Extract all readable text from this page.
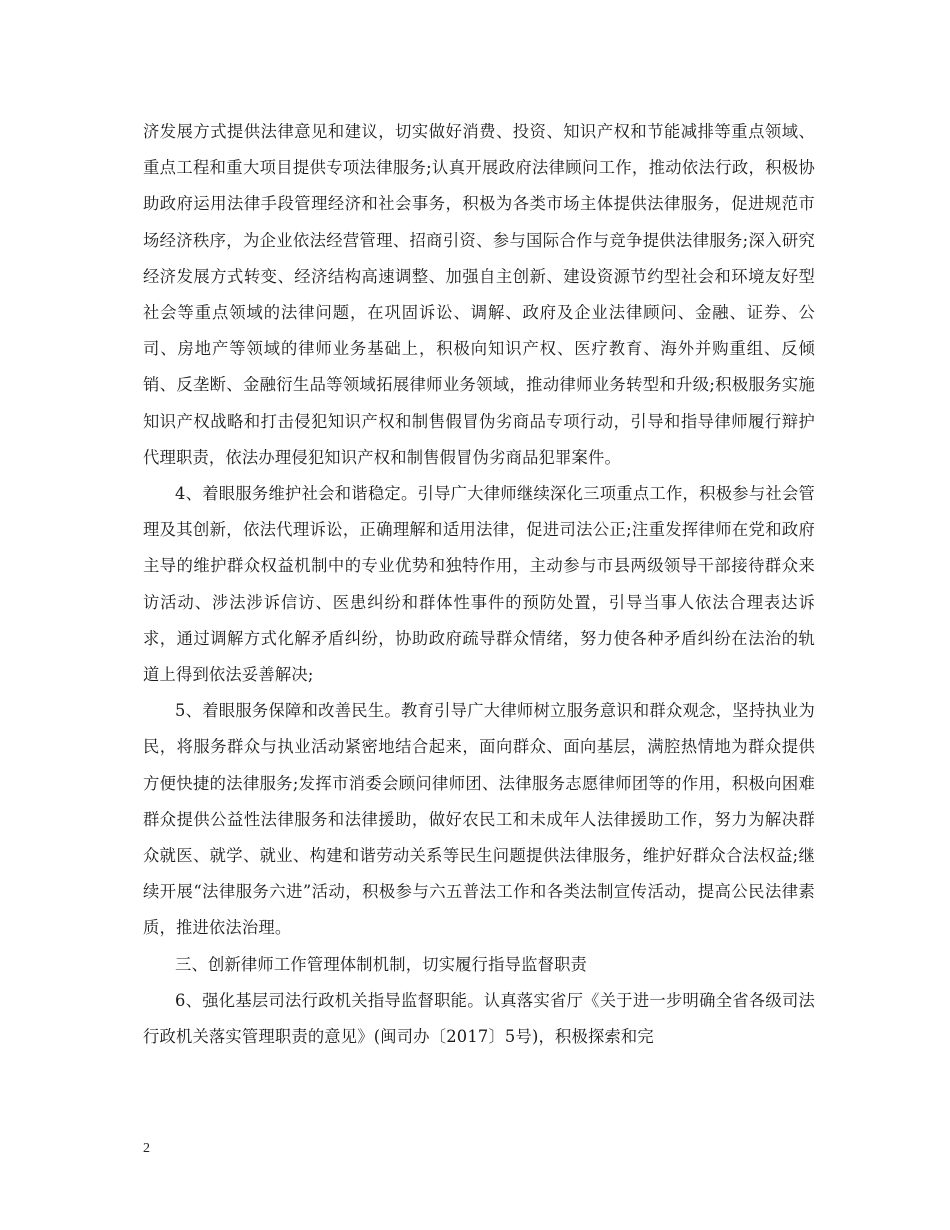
济发展方式提供法律意见和建议，切实做好消费、投资、知识产权和节能减排等重点领域、重点工程和重大项目提供专项法律服务;认真开展政府法律顾问工作，推动依法行政，积极协助政府运用法律手段管理经济和社会事务，积极为各类市场主体提供法律服务，促进规范市场经济秩序，为企业依法经营管理、招商引资、参与国际合作与竞争提供法律服务;深入研究经济发展方式转变、经济结构高速调整、加强自主创新、建设资源节约型社会和环境友好型社会等重点领域的法律问题，在巩固诉讼、调解、政府及企业法律顾问、金融、证券、公司、房地产等领域的律师业务基础上，积极向知识产权、医疗教育、海外并购重组、反倾销、反垄断、金融衍生品等领域拓展律师业务领域，推动律师业务转型和升级;积极服务实施知识产权战略和打击侵犯知识产权和制售假冒伪劣商品专项行动，引导和指导律师履行辩护代理职责，依法办理侵犯知识产权和制售假冒伪劣商品犯罪案件。

4、着眼服务维护社会和谐稳定。引导广大律师继续深化三项重点工作，积极参与社会管理及其创新，依法代理诉讼，正确理解和适用法律，促进司法公正;注重发挥律师在党和政府主导的维护群众权益机制中的专业优势和独特作用，主动参与市县两级领导干部接待群众来访活动、涉法涉诉信访、医患纠纷和群体性事件的预防处置，引导当事人依法合理表达诉求，通过调解方式化解矛盾纠纷，协助政府疏导群众情绪，努力使各种矛盾纠纷在法治的轨道上得到依法妥善解决;

5、着眼服务保障和改善民生。教育引导广大律师树立服务意识和群众观念，坚持执业为民，将服务群众与执业活动紧密地结合起来，面向群众、面向基层，满腔热情地为群众提供方便快捷的法律服务;发挥市消委会顾问律师团、法律服务志愿律师团等的作用，积极向困难群众提供公益性法律服务和法律援助，做好农民工和未成年人法律援助工作，努力为解决群众就医、就学、就业、构建和谐劳动关系等民生问题提供法律服务，维护好群众合法权益;继续开展“法律服务六进”活动，积极参与六五普法工作和各类法制宣传活动，提高公民法律素质，推进依法治理。

三、创新律师工作管理体制机制，切实履行指导监督职责

6、强化基层司法行政机关指导监督职能。认真落实省厅《关于进一步明确全省各级司法行政机关落实管理职责的意见》(闽司办〔2017〕5号)，积极探索和完

2
